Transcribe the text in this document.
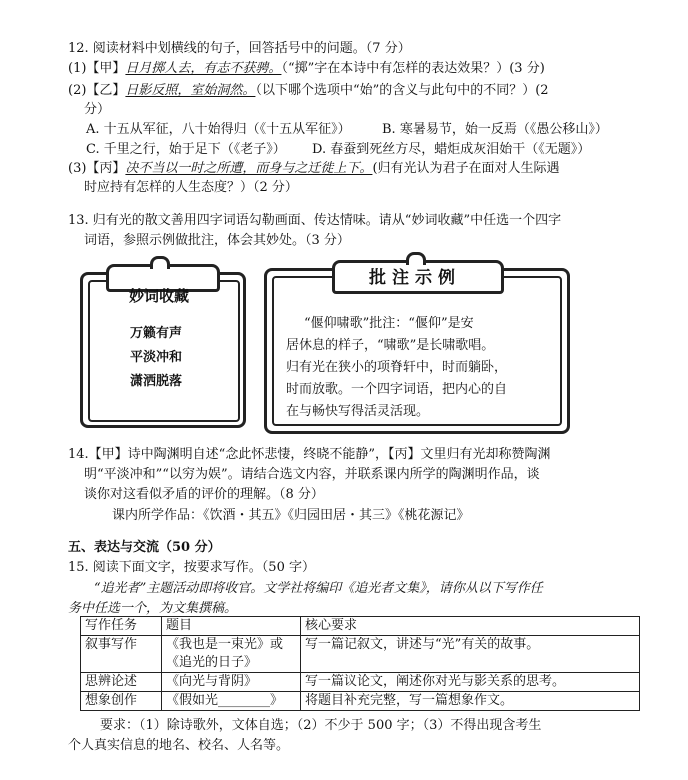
12. 阅读材料中划横线的句子，回答括号中的问题。（7 分）
(1)【甲】日月掷人去，有志不获骋。（“掷”字在本诗中有怎样的表达效果？）(3 分)
(2)【乙】日影反照，室始洞然。（以下哪个选项中“始”的含义与此句中的不同？）(2
分）
A. 十五从军征，八十始得归（《十五从军征》） B. 寒暑易节，始一反焉（《愚公移山》）
C. 千里之行，始于足下（《老子》） D. 春蚕到死丝方尽，蜡炬成灰泪始干（《无题》）
(3)【丙】决不当以一时之所遭，而身与之迁徙上下。(归有光认为君子在面对人生际遇
时应持有怎样的人生态度？）（2 分）
13. 归有光的散文善用四字词语勾勒画面、传达情味。请从“妙词收藏”中任选一个四字
词语，参照示例做批注，体会其妙处。（3 分）
妙词收藏
万籁有声
平淡冲和
潇洒脱落
批注示例
“偃仰啸歌”批注：“偃仰”是安
居休息的样子，“啸歌”是长啸歌唱。
归有光在狭小的项脊轩中，时而躺卧，
时而放歌。一个四字词语，把内心的自
在与畅快写得活灵活现。
14.【甲】诗中陶渊明自述“念此怀悲悽，终晓不能静”，【丙】文里归有光却称赞陶渊
明“平淡冲和”“以穷为娱”。请结合选文内容，并联系课内所学的陶渊明作品，谈
谈你对这看似矛盾的评价的理解。（8 分）
课内所学作品：《饮酒・其五》《归园田居・其三》《桃花源记》
五、表达与交流（50 分）
15. 阅读下面文字，按要求写作。（50 字）
“追光者”主题活动即将收官。文学社将编印《追光者文集》，请你从以下写作任
务中任选一个，为文集撰稿。
写作任务	题目	核心要求
叙事写作	《我也是一束光》或
《追光的日子》	写一篇记叙文，讲述与“光”有关的故事。
思辨论述	《向光与背阴》	写一篇议论文，阐述你对光与影关系的思考。
想象创作	《假如光________》	将题目补充完整，写一篇想象作文。
要求：（1）除诗歌外，文体自选；（2）不少于 500 字；（3）不得出现含考生
个人真实信息的地名、校名、人名等。
